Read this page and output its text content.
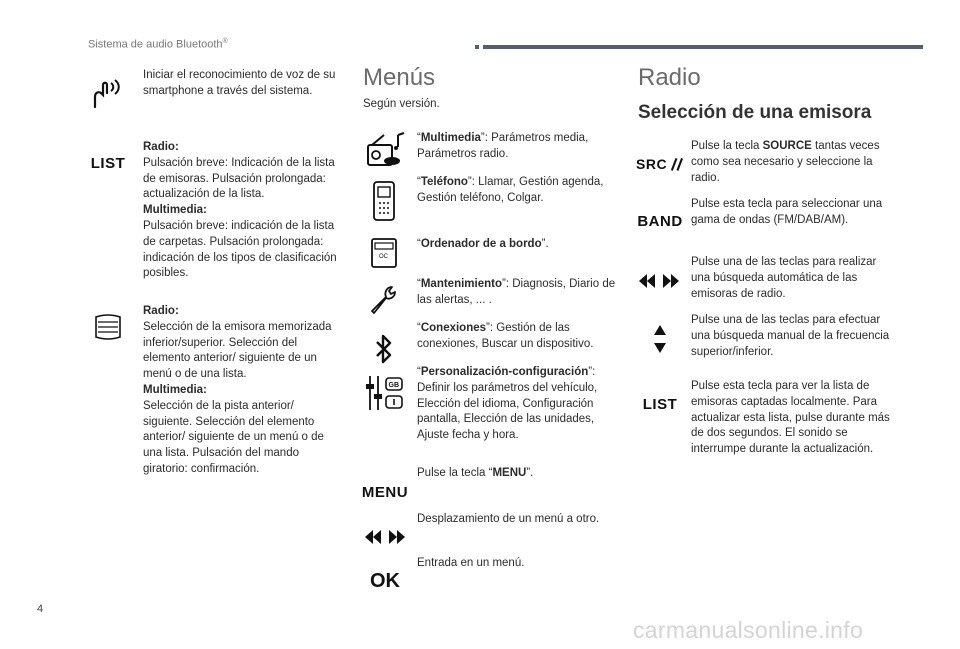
Sistema de audio Bluetooth®
Iniciar el reconocimiento de voz de su smartphone a través del sistema.
LIST
Radio:
Pulsación breve: Indicación de la lista de emisoras. Pulsación prolongada: actualización de la lista.
Multimedia:
Pulsación breve: indicación de la lista de carpetas. Pulsación prolongada: indicación de los tipos de clasificación posibles.
Radio:
Selección de la emisora memorizada inferior/superior. Selección del elemento anterior/ siguiente de un menú o de una lista.
Multimedia:
Selección de la pista anterior/ siguiente. Selección del elemento anterior/ siguiente de un menú o de una lista. Pulsación del mando giratorio: confirmación.
Menús
Según versión.
“Multimedia”: Parámetros media, Parámetros radio.
“Teléfono”: Llamar, Gestión agenda, Gestión teléfono, Colgar.
OC
“Ordenador de a bordo”.
“Mantenimiento”: Diagnosis, Diario de las alertas, ... .
“Conexiones”: Gestión de las conexiones, Buscar un dispositivo.
GB
“Personalización-configuración”: Definir los parámetros del vehículo, Elección del idioma, Configuración pantalla, Elección de las unidades, Ajuste fecha y hora.
MENU
Pulse la tecla “MENU”.
Desplazamiento de un menú a otro.
OK
Entrada en un menú.
Radio
Selección de una emisora
SRC
Pulse la tecla SOURCE tantas veces como sea necesario y seleccione la radio.
BAND
Pulse esta tecla para seleccionar una gama de ondas (FM/DAB/AM).
Pulse una de las teclas para realizar una búsqueda automática de las emisoras de radio.
Pulse una de las teclas para efectuar una búsqueda manual de la frecuencia superior/inferior.
LIST
Pulse esta tecla para ver la lista de emisoras captadas localmente. Para actualizar esta lista, pulse durante más de dos segundos. El sonido se interrumpe durante la actualización.
4
carmanualsonline.info
